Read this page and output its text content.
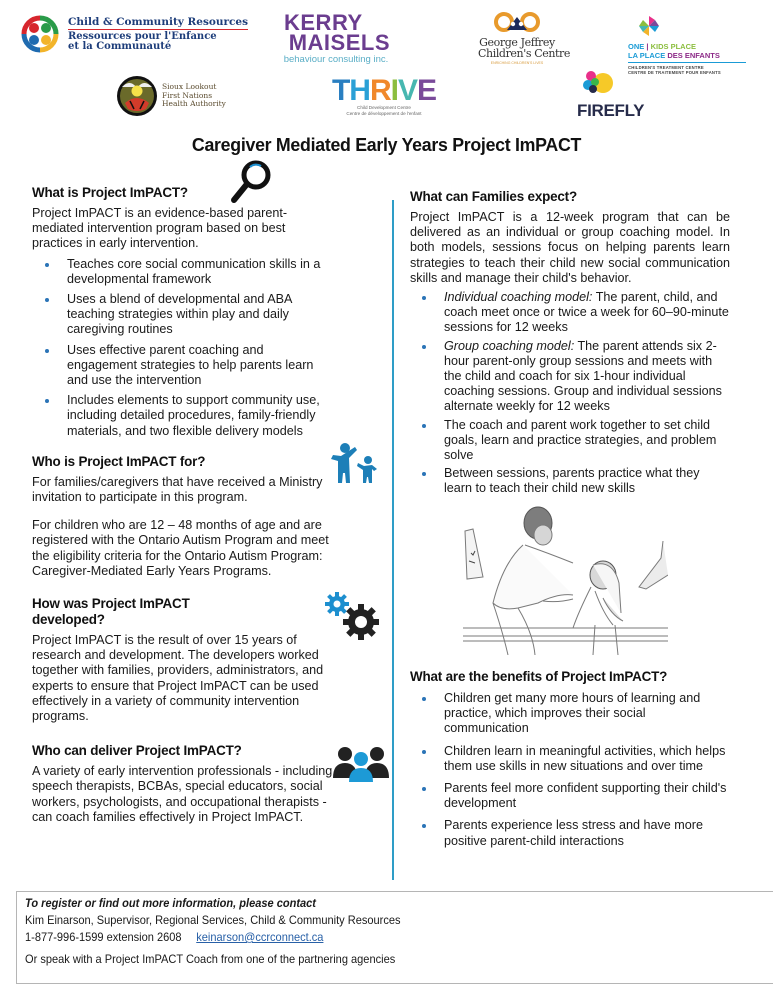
Child & Community Resources
Ressources pour l'Enfance
et la Communauté
KERRY
MAISELS
behaviour consulting inc.
George Jeffrey
Children's Centre
ENRICHING CHILDREN'S LIVES
ONE | KIDS PLACE
LA PLACE DES ENFANTS
CHILDREN'S TREATMENT CENTRE
CENTRE DE TRAITEMENT POUR ENFANTS
Sioux Lookout
First Nations
Health Authority	THRIVE
Child Development Centre
Centre de développement de l'enfant	FIREFLY
Caregiver Mediated Early Years Project ImPACT
What is Project ImPACT?

Project ImPACT is an evidence-based parent-mediated intervention program based on best practices in early intervention.

Teaches core social communication skills in a developmental framework
Uses a blend of developmental and ABA teaching strategies within play and daily caregiving routines
Uses effective parent coaching and engagement strategies to help parents learn and use the intervention
Includes elements to support community use, including detailed procedures, family-friendly materials, and two flexible delivery models
Who is Project ImPACT for?

For families/caregivers that have received a Ministry invitation to participate in this program.

For children who are 12 – 48 months of age and are registered with the Ontario Autism Program and meet the eligibility criteria for the Ontario Autism Program: Caregiver-Mediated Early Years Programs.

How was Project ImPACT developed?

Project ImPACT is the result of over 15 years of research and development. The developers worked together with families, providers, administrators, and experts to ensure that Project ImPACT can be used effectively in a variety of community intervention programs.

Who can deliver Project ImPACT?

A variety of early intervention professionals - including speech therapists, BCBAs, special educators, social workers, psychologists, and occupational therapists - can coach families effectively in Project ImPACT.

What can Families expect?

Project ImPACT is a 12-week program that can be delivered as an individual or group coaching model. In both models, sessions focus on helping parents learn strategies to teach their child new social communication skills and manage their child's behavior.

Individual coaching model: The parent, child, and coach meet once or twice a week for 60–90-minute sessions for 12 weeks
Group coaching model: The parent attends six 2-hour parent-only group sessions and meets with the child and coach for six 1-hour individual coaching sessions. Group and individual sessions alternate weekly for 12 weeks
The coach and parent work together to set child goals, learn and practice strategies, and problem solve
Between sessions, parents practice what they learn to teach their child new skills
What are the benefits of Project ImPACT?
Children get many more hours of learning and practice, which improves their social communication
Children learn in meaningful activities, which helps them use skills in new situations and over time
Parents feel more confident supporting their child's development
Parents experience less stress and have more positive parent-child interactions
To register or find out more information, please contact
Kim Einarson, Supervisor, Regional Services, Child & Community Resources
1-877-996-1599 extension 2608 keinarson@ccrconnect.ca
Or speak with a Project ImPACT Coach from one of the partnering agencies
